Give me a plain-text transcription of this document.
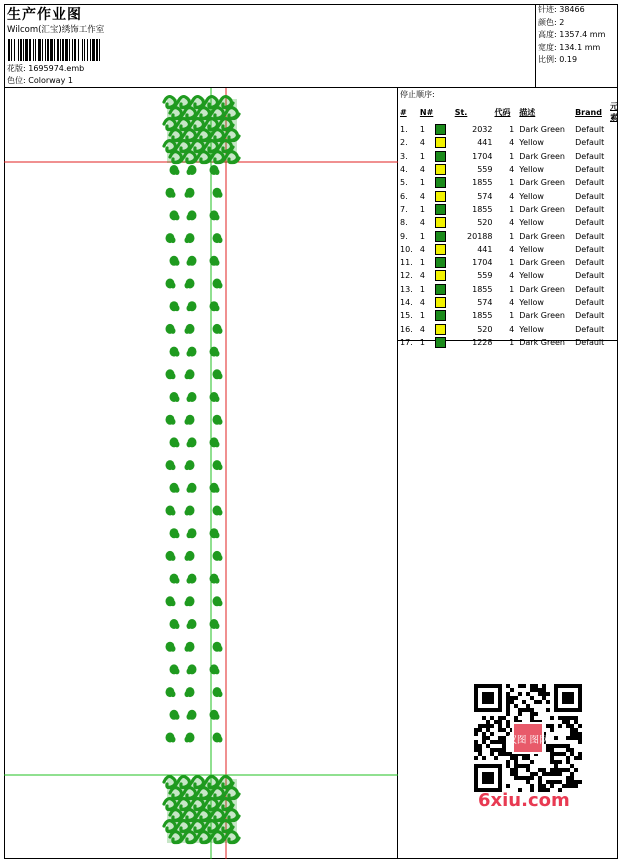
生产作业图
Wilcom(汇宝)绣饰工作室
花版: 1695974.emb
色位: Colorway 1
针迹: 38466
颜色: 2
高度: 1357.4 mm
宽度: 134.1 mm
比例: 0.19
停止顺序:
#	N#		St.	代码	描述	Brand	元素
1.	1		2032	1	Dark Green	Default	
2.	4		441	4	Yellow	Default	
3.	1		1704	1	Dark Green	Default	
4.	4		559	4	Yellow	Default	
5.	1		1855	1	Dark Green	Default	
6.	4		574	4	Yellow	Default	
7.	1		1855	1	Dark Green	Default	
8.	4		520	4	Yellow	Default	
9.	1		20188	1	Dark Green	Default	
10.	4		441	4	Yellow	Default	
11.	1		1704	1	Dark Green	Default	
12.	4		559	4	Yellow	Default	
13.	1		1855	1	Dark Green	Default	
14.	4		574	4	Yellow	Default	
15.	1		1855	1	Dark Green	Default	
16.	4		520	4	Yellow	Default	
17.	1		1228	1	Dark Green	Default	
汉图 图网
6xiu.com
